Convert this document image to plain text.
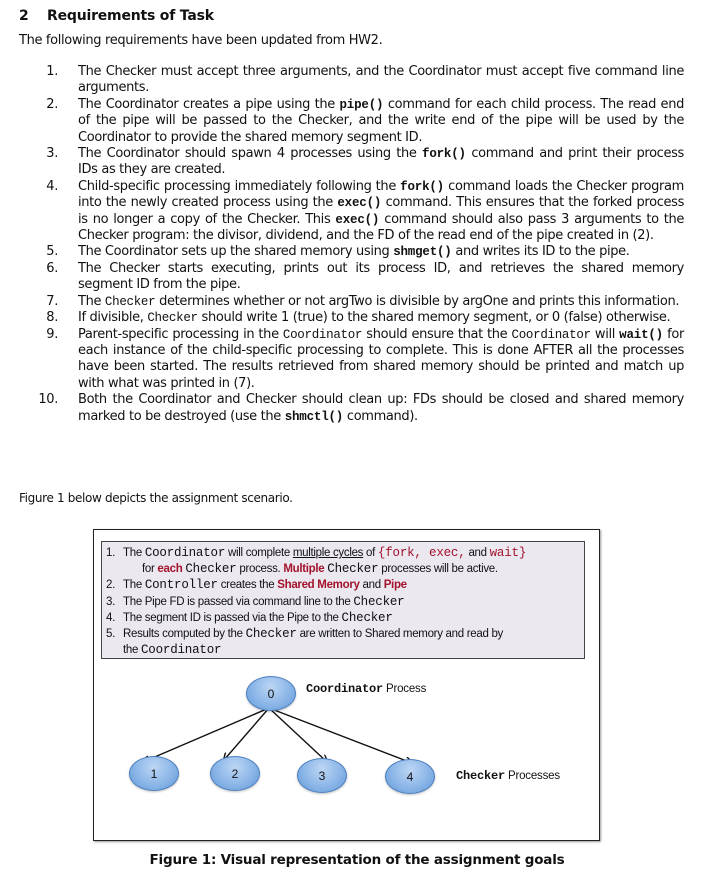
2 Requirements of Task
The following requirements have been updated from HW2.
1. The Checker must accept three arguments, and the Coordinator must accept five command line arguments.
2. The Coordinator creates a pipe using the pipe() command for each child process. The read end of the pipe will be passed to the Checker, and the write end of the pipe will be used by the Coordinator to provide the shared memory segment ID.
3. The Coordinator should spawn 4 processes using the fork() command and print their process IDs as they are created.
4. Child-specific processing immediately following the fork() command loads the Checker program into the newly created process using the exec() command. This ensures that the forked process is no longer a copy of the Checker. This exec() command should also pass 3 arguments to the Checker program: the divisor, dividend, and the FD of the read end of the pipe created in (2).
5. The Coordinator sets up the shared memory using shmget() and writes its ID to the pipe.
6. The Checker starts executing, prints out its process ID, and retrieves the shared memory segment ID from the pipe.
7. The Checker determines whether or not argTwo is divisible by argOne and prints this information.
8. If divisible, Checker should write 1 (true) to the shared memory segment, or 0 (false) otherwise.
9. Parent-specific processing in the Coordinator should ensure that the Coordinator will wait() for each instance of the child-specific processing to complete. This is done AFTER all the processes have been started. The results retrieved from shared memory should be printed and match up with what was printed in (7).
10. Both the Coordinator and Checker should clean up: FDs should be closed and shared memory marked to be destroyed (use the shmctl() command).
Figure 1 below depicts the assignment scenario.
1. The Coordinator will complete multiple cycles of {fork, exec, and wait}
for each Checker process. Multiple Checker processes will be active.
2. The Controller creates the Shared Memory and Pipe
3. The Pipe FD is passed via command line to the Checker
4. The segment ID is passed via the Pipe to the Checker
5. Results computed by the Checker are written to Shared memory and read by
the Coordinator
0
1	2	3	4
Coordinator Process
Checker Processes
Figure 1: Visual representation of the assignment goals
